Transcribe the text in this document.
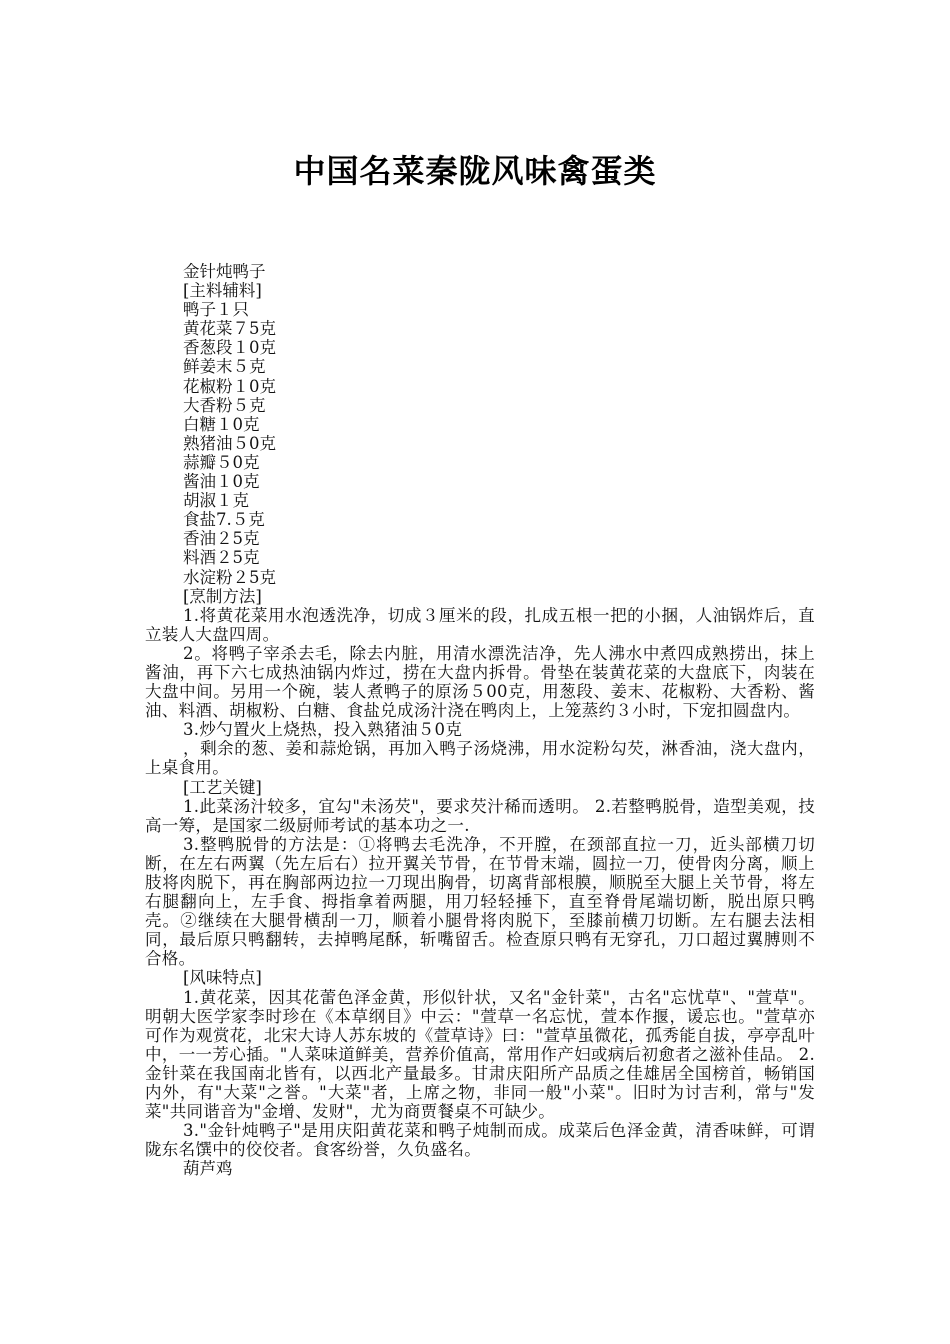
中国名菜秦陇风味禽蛋类

金针炖鸭子

[主料辅料]

鸭子１只

黄花菜７5克

香葱段１0克

鲜姜末５克

花椒粉１0克

大香粉５克

白糖１0克

熟猪油５0克

蒜瓣５0克

酱油１0克

胡淑１克

食盐7.５克

香油２5克

料酒２5克

水淀粉２5克

[烹制方法]

1.将黄花菜用水泡透洗净，切成３厘米的段，扎成五根一把的小捆，人油锅炸后，直立装人大盘四周。

2。将鸭子宰杀去毛，除去内脏，用清水漂洗洁净，先人沸水中煮四成熟捞出，抹上酱油，再下六七成热油锅内炸过，捞在大盘内拆骨。骨垫在装黄花菜的大盘底下，肉装在大盘中间。另用一个碗，装人煮鸭子的原汤５00克，用葱段、姜末、花椒粉、大香粉、酱油、料酒、胡椒粉、白糖、食盐兑成汤汁浇在鸭肉上，上笼蒸约３小时，下宠扣圆盘内。

3.炒勺置火上烧热，投入熟猪油５0克

，剩余的葱、姜和蒜炝锅，再加入鸭子汤烧沸，用水淀粉勾芡，淋香油，浇大盘内，上桌食用。

[工艺关键]

1.此菜汤汁较多，宜勾"未汤芡"，要求芡汁稀而透明。 2.若整鸭脱骨，造型美观，技高一筹，是国家二级厨师考试的基本功之一.

3.整鸭脱骨的方法是：①将鸭去毛洗净，不开膛，在颈部直拉一刀，近头部横刀切断，在左右两翼（先左后右）拉开翼关节骨，在节骨末端，圆拉一刀，使骨肉分离，顺上肢将肉脱下，再在胸部两边拉一刀现出胸骨，切离背部根膜，顺脱至大腿上关节骨，将左右腿翻向上，左手食、拇指拿着两腿，用刀轻轻捶下，直至脊骨尾端切断，脱出原只鸭壳。②继续在大腿骨横刮一刀，顺着小腿骨将肉脱下，至膝前横刀切断。左右腿去法相同，最后原只鸭翻转，去掉鸭尾酥，斩嘴留舌。检查原只鸭有无穿孔，刀口超过翼膊则不合格。

[风味特点]

1.黄花菜，因其花蕾色泽金黄，形似针状，又名"金针菜"，古名"忘忧草"、"萱草"。明朝大医学家李时珍在《本草纲目》中云："萱草一名忘忧，萱本作揠，谖忘也。"萱草亦可作为观赏花，北宋大诗人苏东坡的《萱草诗》曰："萱草虽微花，孤秀能自拔，亭亭乱叶中，一一芳心插。"人菜味道鲜美，营养价值高，常用作产妇或病后初愈者之滋补佳品。 2.金针菜在我国南北皆有，以西北产量最多。甘肃庆阳所产品质之佳雄居全国榜首，畅销国内外，有"大菜"之誉。"大菜"者，上席之物，非同一般"小菜"。旧时为讨吉利，常与"发菜"共同谐音为"金增、发财"，尤为商贾餐桌不可缺少。

3."金针炖鸭子"是用庆阳黄花菜和鸭子炖制而成。成菜后色泽金黄，清香味鲜，可谓陇东名馔中的佼佼者。食客纷誉，久负盛名。

葫芦鸡
